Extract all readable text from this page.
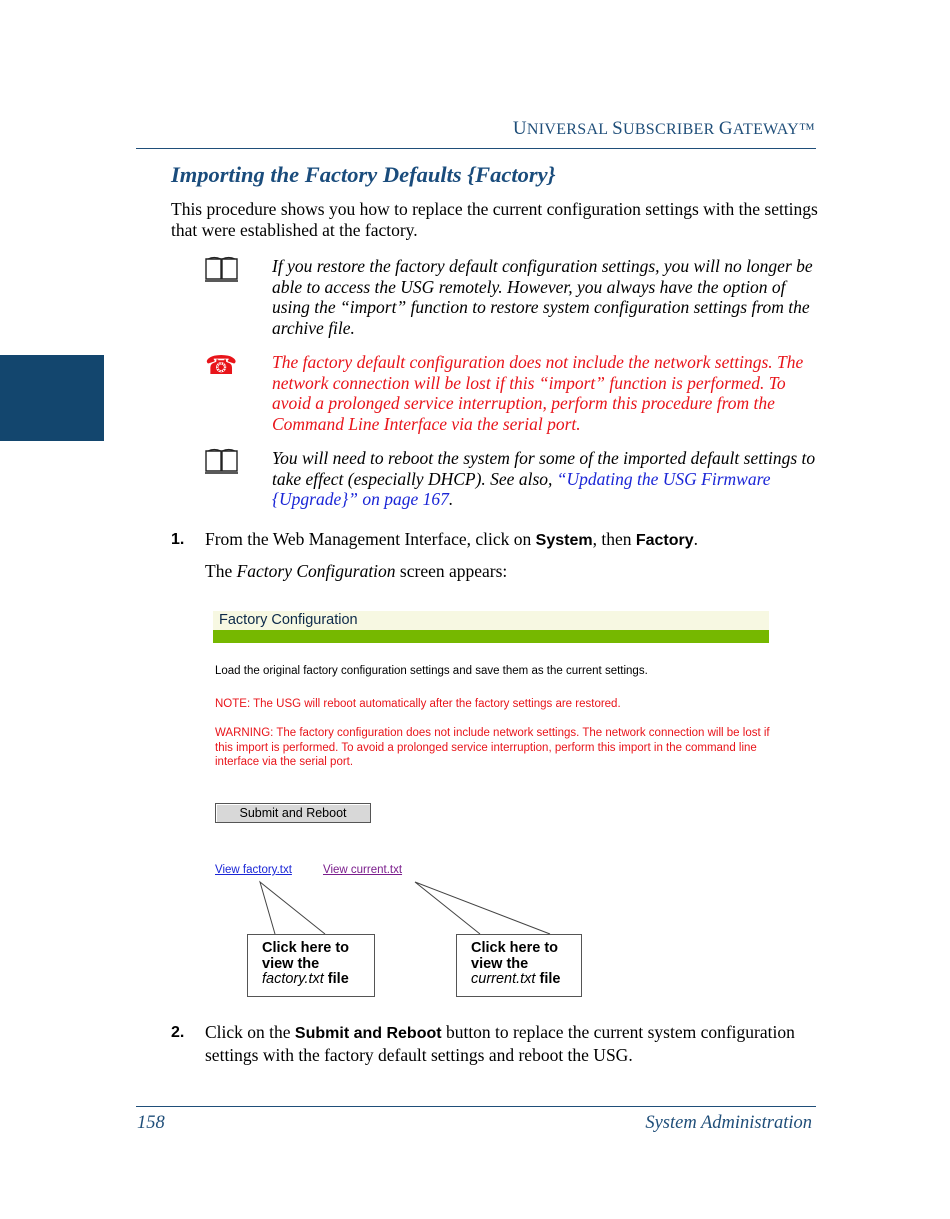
UNIVERSAL SUBSCRIBER GATEWAY™
Importing the Factory Defaults {Factory}
This procedure shows you how to replace the current configuration settings with the settings that were established at the factory.
If you restore the factory default configuration settings, you will no longer be able to access the USG remotely. However, you always have the option of using the “import” function to restore system configuration settings from the archive file.
☎ The factory default configuration does not include the network settings. The network connection will be lost if this “import” function is performed. To avoid a prolonged service interruption, perform this procedure from the Command Line Interface via the serial port.
You will need to reboot the system for some of the imported default settings to take effect (especially DHCP). See also, “Updating the USG Firmware {Upgrade}” on page 167.
1. From the Web Management Interface, click on System, then Factory.
The Factory Configuration screen appears:
Factory Configuration
Load the original factory configuration settings and save them as the current settings.
NOTE: The USG will reboot automatically after the factory settings are restored.
WARNING: The factory configuration does not include network settings. The network connection will be lost if this import is performed. To avoid a prolonged service interruption, perform this import in the command line interface via the serial port.
Submit and Reboot
View factory.txt	View current.txt
Click here to
view the
factory.txt file
Click here to
view the
current.txt file
2. Click on the Submit and Reboot button to replace the current system configuration settings with the factory default settings and reboot the USG.
158	System Administration
